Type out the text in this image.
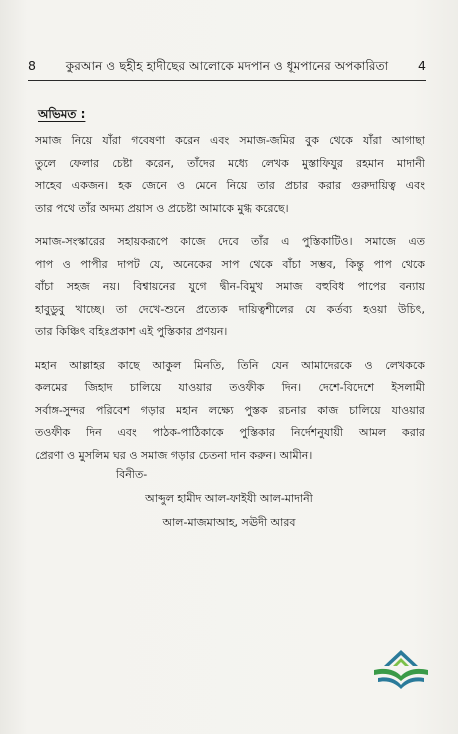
8	কুরআন ও ছহীহ হাদীছের আলোকে মদপান ও ধূমপানের অপকারিতা	4
অভিমত :
সমাজ নিয়ে যাঁরা গবেষণা করেন এবং সমাজ-জমির বুক থেকে যাঁরা আগাছা
তুলে ফেলার চেষ্টা করেন, তাঁদের মধ্যে লেখক মুস্তাফিযুর রহমান মাদানী
সাহেব একজন। হক জেনে ও মেনে নিয়ে তার প্রচার করার গুরুদায়িত্ব এবং
তার পথে তাঁর অদম্য প্রয়াস ও প্রচেষ্টা আমাকে মুগ্ধ করেছে।
সমাজ-সংস্কারের সহায়করূপে কাজে দেবে তাঁর এ পুস্তিকাটিও। সমাজে এত
পাপ ও পাপীর দাপট যে, অনেকের সাপ থেকে বাঁচা সম্ভব, কিন্তু পাপ থেকে
বাঁচা সহজ নয়। বিশ্বায়নের যুগে দ্বীন-বিমুখ সমাজ বহুবিধ পাপের বন্যায়
হাবুডুবু খাচ্ছে। তা দেখে-শুনে প্রত্যেক দায়িত্বশীলের যে কর্তব্য হওয়া উচিৎ,
তার কিঞ্চিৎ বহিঃপ্রকাশ এই পুস্তিকার প্রণয়ন।
মহান আল্লাহর কাছে আকুল মিনতি, তিনি যেন আমাদেরকে ও লেখককে
কলমের জিহাদ চালিয়ে যাওয়ার তওফীক দিন। দেশে-বিদেশে ইসলামী
সর্বাঙ্গ-সুন্দর পরিবেশ গড়ার মহান লক্ষ্যে পুস্তক রচনার কাজ চালিয়ে যাওয়ার
তওফীক দিন এবং পাঠক-পাঠিকাকে পুস্তিকার নির্দেশনুযায়ী আমল করার
প্রেরণা ও মুসলিম ঘর ও সমাজ গড়ার চেতনা দান করুন। আমীন।
বিনীত-
আব্দুল হামীদ আল-ফাইযী আল-মাদানী
আল-মাজমাআহ, সঊদী আরব
